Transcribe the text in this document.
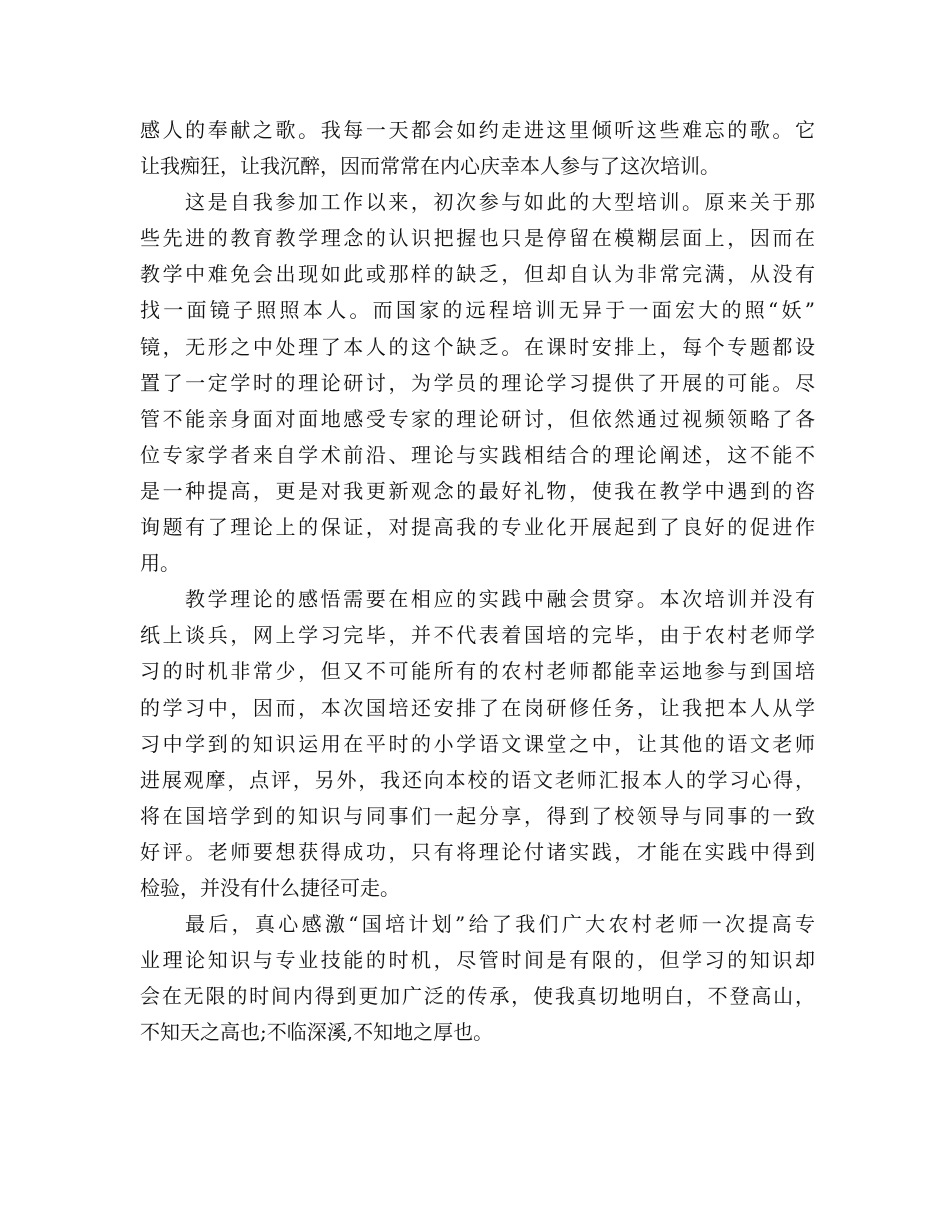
感人的奉献之歌。我每一天都会如约走进这里倾听这些难忘的歌。它
让我痴狂，让我沉醉，因而常常在内心庆幸本人参与了这次培训。
这是自我参加工作以来，初次参与如此的大型培训。原来关于那
些先进的教育教学理念的认识把握也只是停留在模糊层面上，因而在
教学中难免会出现如此或那样的缺乏，但却自认为非常完满，从没有
找一面镜子照照本人。而国家的远程培训无异于一面宏大的照“妖”
镜，无形之中处理了本人的这个缺乏。在课时安排上，每个专题都设
置了一定学时的理论研讨，为学员的理论学习提供了开展的可能。尽
管不能亲身面对面地感受专家的理论研讨，但依然通过视频领略了各
位专家学者来自学术前沿、理论与实践相结合的理论阐述，这不能不
是一种提高，更是对我更新观念的最好礼物，使我在教学中遇到的咨
询题有了理论上的保证，对提高我的专业化开展起到了良好的促进作
用。
教学理论的感悟需要在相应的实践中融会贯穿。本次培训并没有
纸上谈兵，网上学习完毕，并不代表着国培的完毕，由于农村老师学
习的时机非常少，但又不可能所有的农村老师都能幸运地参与到国培
的学习中，因而，本次国培还安排了在岗研修任务，让我把本人从学
习中学到的知识运用在平时的小学语文课堂之中，让其他的语文老师
进展观摩，点评，另外，我还向本校的语文老师汇报本人的学习心得，
将在国培学到的知识与同事们一起分享，得到了校领导与同事的一致
好评。老师要想获得成功，只有将理论付诸实践，才能在实践中得到
检验，并没有什么捷径可走。
最后，真心感激“国培计划”给了我们广大农村老师一次提高专
业理论知识与专业技能的时机，尽管时间是有限的，但学习的知识却
会在无限的时间内得到更加广泛的传承，使我真切地明白，不登高山，
不知天之高也;不临深溪,不知地之厚也。
